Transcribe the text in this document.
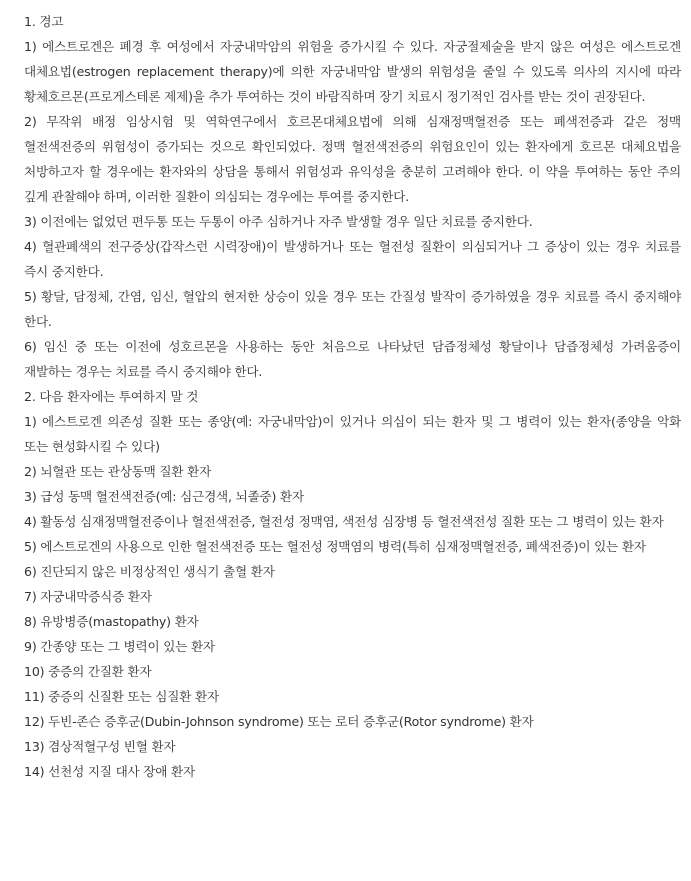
1. 경고

1) 에스트로겐은 폐경 후 여성에서 자궁내막암의 위험을 증가시킬 수 있다. 자궁절제술을 받지 않은 여성은 에스트로겐 대체요법(estrogen replacement therapy)에 의한 자궁내막암 발생의 위험성을 줄일 수 있도록 의사의 지시에 따라 황체호르몬(프로게스테론 제제)을 추가 투여하는 것이 바람직하며 장기 치료시 정기적인 검사를 받는 것이 권장된다.

2) 무작위 배정 임상시험 및 역학연구에서 호르몬대체요법에 의해 심재정맥혈전증 또는 폐색전증과 같은 정맥 혈전색전증의 위험성이 증가되는 것으로 확인되었다. 정맥 혈전색전증의 위험요인이 있는 환자에게 호르몬 대체요법을 처방하고자 할 경우에는 환자와의 상담을 통해서 위험성과 유익성을 충분히 고려해야 한다. 이 약을 투여하는 동안 주의 깊게 관찰해야 하며, 이러한 질환이 의심되는 경우에는 투여를 중지한다.

3) 이전에는 없었던 편두통 또는 두통이 아주 심하거나 자주 발생할 경우 일단 치료를 중지한다.

4) 혈관폐색의 전구증상(갑작스런 시력장애)이 발생하거나 또는 혈전성 질환이 의심되거나 그 증상이 있는 경우 치료를 즉시 중지한다.

5) 황달, 담정체, 간염, 임신, 혈압의 현저한 상승이 있을 경우 또는 간질성 발작이 증가하였을 경우 치료를 즉시 중지해야 한다.

6) 임신 중 또는 이전에 성호르몬을 사용하는 동안 처음으로 나타났던 담즙정체성 황달이나 담즙정체성 가려움증이 재발하는 경우는 치료를 즉시 중지해야 한다.

2. 다음 환자에는 투여하지 말 것

1) 에스트로겐 의존성 질환 또는 종양(예: 자궁내막암)이 있거나 의심이 되는 환자 및 그 병력이 있는 환자(종양을 악화 또는 현성화시킬 수 있다)

2) 뇌혈관 또는 관상동맥 질환 환자

3) 급성 동맥 혈전색전증(예: 심근경색, 뇌졸중) 환자

4) 활동성 심재정맥혈전증이나 혈전색전증, 혈전성 정맥염, 색전성 심장병 등 혈전색전성 질환 또는 그 병력이 있는 환자

5) 에스트로겐의 사용으로 인한 혈전색전증 또는 혈전성 정맥염의 병력(특히 심재정맥혈전증, 폐색전증)이 있는 환자

6) 진단되지 않은 비정상적인 생식기 출혈 환자

7) 자궁내막증식증 환자

8) 유방병증(mastopathy) 환자

9) 간종양 또는 그 병력이 있는 환자

10) 중증의 간질환 환자

11) 중증의 신질환 또는 심질환 환자

12) 두빈-존슨 증후군(Dubin-Johnson syndrome) 또는 로터 증후군(Rotor syndrome) 환자

13) 겸상적혈구성 빈혈 환자

14) 선천성 지질 대사 장애 환자
